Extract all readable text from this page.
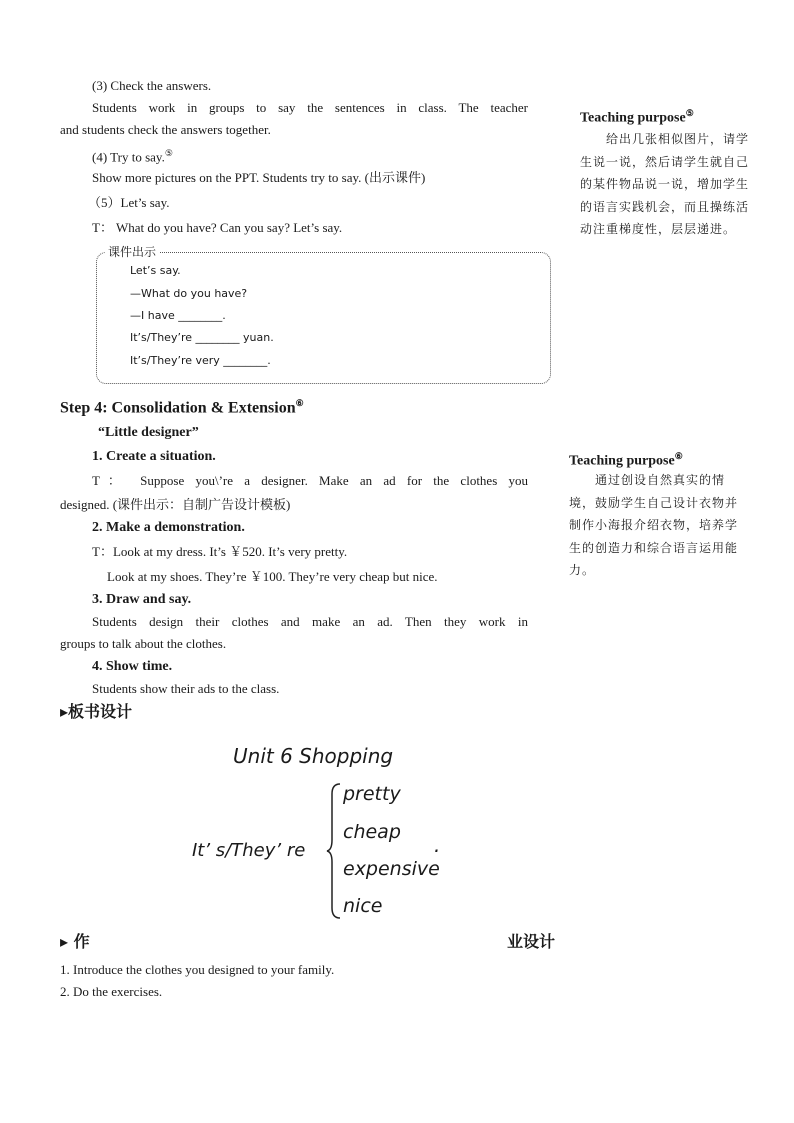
(3) Check the answers.
Students work in groups to say the sentences in class. The teacher
and students check the answers together.
(4) Try to say.⑤
Show more pictures on the PPT. Students try to say. (出示课件)
（5）Let’s say.
T： What do you have? Can you say? Let’s say.
课件出示
Let’s say.
—What do you have?
—I have ________.
It’s/They’re ________ yuan.
It’s/They’re very ________.
Teaching purpose⑤
给出几张相似图片，请学生说一说，然后请学生就自己的某件物品说一说，增加学生的语言实践机会，而且操练活动注重梯度性，层层递进。
Step 4: Consolidation & Extension⑥
“Little designer”
1. Create a situation.
T： Suppose you\’re a designer. Make an ad for the clothes you
designed. (课件出示：自制广告设计模板)
2. Make a demonstration.
T：Look at my dress. It’s ￥520. It’s very pretty.
Look at my shoes. They’re ￥100. They’re very cheap but nice.
3. Draw and say.
Students design their clothes and make an ad. Then they work in
groups to talk about the clothes.
4. Show time.
Students show their ads to the class.
Teaching purpose⑥
通过创设自然真实的情境，鼓励学生自己设计衣物并制作小海报介绍衣物，培养学生的创造力和综合语言运用能力。
▸板书设计
Unit 6 Shopping
It’ s/They’ re
pretty
cheap
expensive
nice
.
▸ 作	业设计
1. Introduce the clothes you designed to your family.
2. Do the exercises.
